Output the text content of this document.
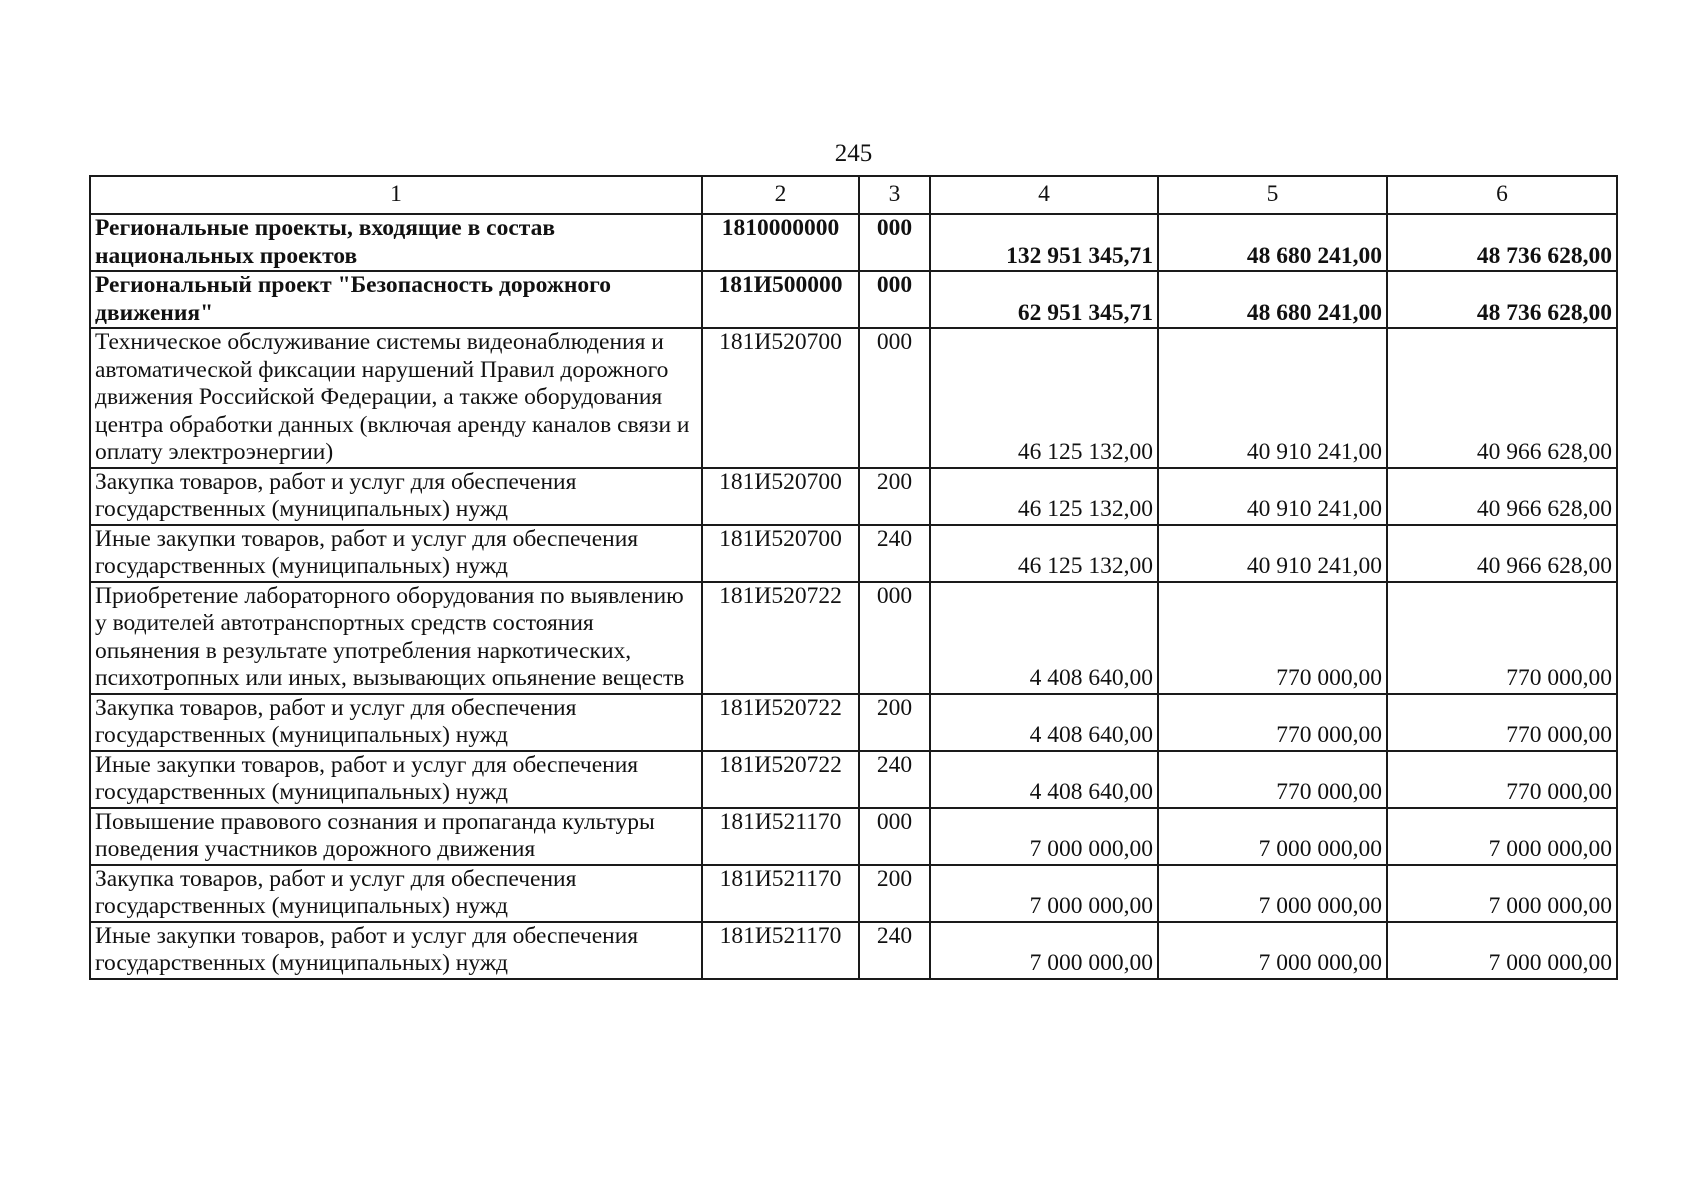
245
1	2	3	4	5	6
Региональные проекты, входящие в состав национальных проектов	1810000000	000	132 951 345,71	48 680 241,00	48 736 628,00
Региональный проект "Безопасность дорожного движения"	181И500000	000	62 951 345,71	48 680 241,00	48 736 628,00
Техническое обслуживание системы видеонаблюдения и автоматической фиксации нарушений Правил дорожного движения Российской Федерации, а также оборудования центра обработки данных (включая аренду каналов связи и оплату электроэнергии)	181И520700	000	46 125 132,00	40 910 241,00	40 966 628,00
Закупка товаров, работ и услуг для обеспечения государственных (муниципальных) нужд	181И520700	200	46 125 132,00	40 910 241,00	40 966 628,00
Иные закупки товаров, работ и услуг для обеспечения государственных (муниципальных) нужд	181И520700	240	46 125 132,00	40 910 241,00	40 966 628,00
Приобретение лабораторного оборудования по выявлению у водителей автотранспортных средств состояния опьянения в результате употребления наркотических, психотропных или иных, вызывающих опьянение веществ	181И520722	000	4 408 640,00	770 000,00	770 000,00
Закупка товаров, работ и услуг для обеспечения государственных (муниципальных) нужд	181И520722	200	4 408 640,00	770 000,00	770 000,00
Иные закупки товаров, работ и услуг для обеспечения государственных (муниципальных) нужд	181И520722	240	4 408 640,00	770 000,00	770 000,00
Повышение правового сознания и пропаганда культуры поведения участников дорожного движения	181И521170	000	7 000 000,00	7 000 000,00	7 000 000,00
Закупка товаров, работ и услуг для обеспечения государственных (муниципальных) нужд	181И521170	200	7 000 000,00	7 000 000,00	7 000 000,00
Иные закупки товаров, работ и услуг для обеспечения государственных (муниципальных) нужд	181И521170	240	7 000 000,00	7 000 000,00	7 000 000,00
